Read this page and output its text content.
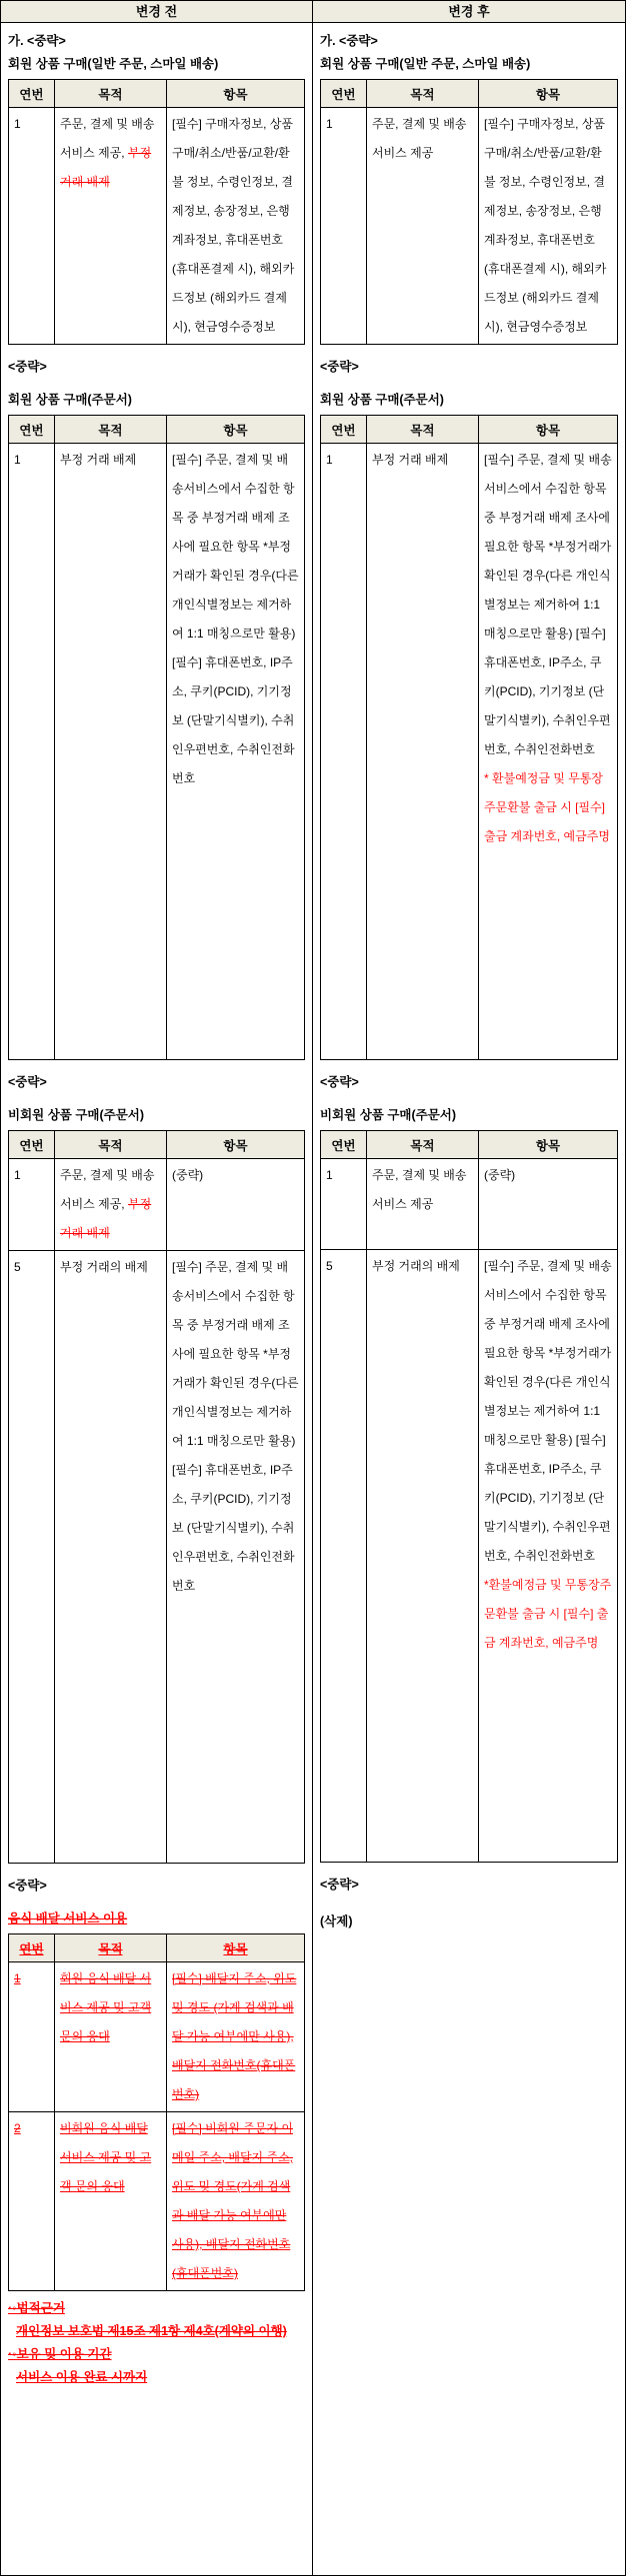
변경 전

가. <중략>

회원 상품 구매(일반 주문, 스마일 배송)

연번	목적	항목
1	주문, 결제 및 배송 서비스 제공, 부정 거래 배제	[필수] 구매자정보, 상품 구매/취소/반품/교환/환불 정보, 수령인정보, 결제정보, 송장정보, 은행계좌정보, 휴대폰번호 (휴대폰결제 시), 해외카드정보 (해외카드 결제 시), 현금영수증정보

<중략>

회원 상품 구매(주문서)

연번	목적	항목
1	부정 거래 배제	[필수] 주문, 결제 및 배송서비스에서 수집한 항목 중 부정거래 배제 조사에 필요한 항목 *부정거래가 확인된 경우(다른 개인식별정보는 제거하여 1:1 매칭으로만 활용) [필수] 휴대폰번호, IP주소, 쿠키(PCID), 기기정보 (단말기식별키), 수취인우편번호, 수취인전화번호

<중략>

비회원 상품 구매(주문서)

연번	목적	항목
1	주문, 결제 및 배송 서비스 제공, 부정 거래 배제	(중략)
5	부정 거래의 배제	[필수] 주문, 결제 및 배송서비스에서 수집한 항목 중 부정거래 배제 조사에 필요한 항목 *부정거래가 확인된 경우(다른 개인식별정보는 제거하여 1:1 매칭으로만 활용) [필수] 휴대폰번호, IP주소, 쿠키(PCID), 기기정보 (단말기식별키), 수취인우편번호, 수취인전화번호

<중략>

음식 배달 서비스 이용

연번	목적	항목
1	회원 음식 배달 서비스 제공 및 고객 문의 응대	[필수] 배달지 주소, 위도 및 경도 (가게 검색과 배달 가능 여부에만 사용), 배달지 전화번호(휴대폰번호)
2	비회원 음식 배달 서비스 제공 및 고객 문의 응대	[필수] 비회원 주문자 이메일 주소, 배달지 주소, 위도 및 경도(가게 검색과 배달 가능 여부에만 사용), 배달지 전화번호(휴대폰번호)

·◦법적근거

개인정보 보호법 제15조 제1항 제4호(계약의 이행)

·◦보유 및 이용 기간

서비스 이용 완료 시까지

변경 후

가. <중략>

회원 상품 구매(일반 주문, 스마일 배송)

연번	목적	항목
1	주문, 결제 및 배송 서비스 제공	[필수] 구매자정보, 상품 구매/취소/반품/교환/환불 정보, 수령인정보, 결제정보, 송장정보, 은행계좌정보, 휴대폰번호 (휴대폰결제 시), 해외카드정보 (해외카드 결제 시), 현금영수증정보

<중략>

회원 상품 구매(주문서)

연번	목적	항목
1	부정 거래 배제	[필수] 주문, 결제 및 배송서비스에서 수집한 항목 중 부정거래 배제 조사에 필요한 항목 *부정거래가 확인된 경우(다른 개인식별정보는 제거하여 1:1 매칭으로만 활용) [필수] 휴대폰번호, IP주소, 쿠키(PCID), 기기정보 (단말기식별키), 수취인우편번호, 수취인전화번호
* 환불예정금 및 무통장주문환불 출금 시 [필수] 출금 계좌번호, 예금주명

<중략>

비회원 상품 구매(주문서)

연번	목적	항목
1	주문, 결제 및 배송 서비스 제공	(중략)
5	부정 거래의 배제	[필수] 주문, 결제 및 배송서비스에서 수집한 항목 중 부정거래 배제 조사에 필요한 항목 *부정거래가 확인된 경우(다른 개인식별정보는 제거하여 1:1 매칭으로만 활용) [필수] 휴대폰번호, IP주소, 쿠키(PCID), 기기정보 (단말기식별키), 수취인우편번호, 수취인전화번호
*환불예정금 및 무통장주문환불 출금 시 [필수] 출금 계좌번호, 예금주명

<중략>

(삭제)
